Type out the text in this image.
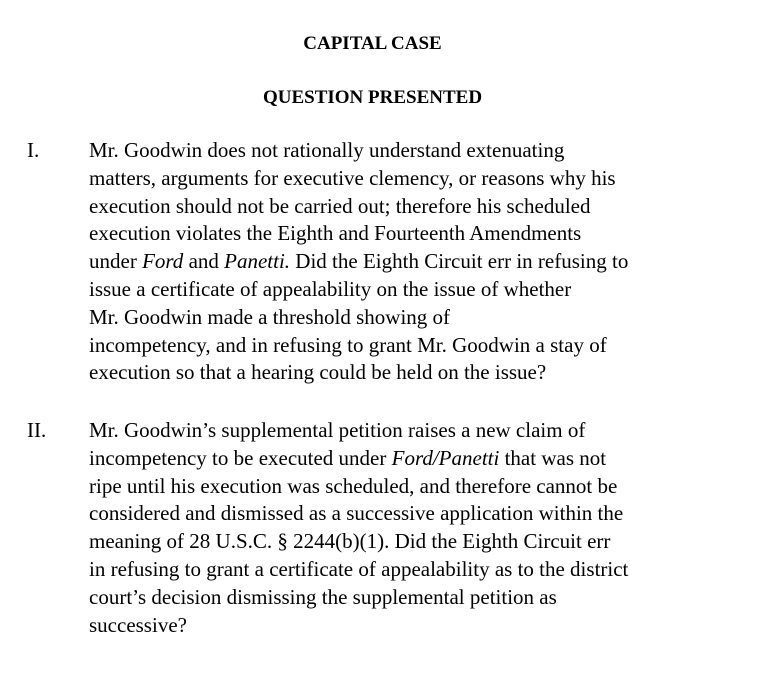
CAPITAL CASE
QUESTION PRESENTED
I. Mr. Goodwin does not rationally understand extenuating
matters, arguments for executive clemency, or reasons why his
execution should not be carried out; therefore his scheduled
execution violates the Eighth and Fourteenth Amendments
under Ford and Panetti. Did the Eighth Circuit err in refusing to
issue a certificate of appealability on the issue of whether
Mr. Goodwin made a threshold showing of
incompetency, and in refusing to grant Mr. Goodwin a stay of
execution so that a hearing could be held on the issue?
II. Mr. Goodwin’s supplemental petition raises a new claim of
incompetency to be executed under Ford/Panetti that was not
ripe until his execution was scheduled, and therefore cannot be
considered and dismissed as a successive application within the
meaning of 28 U.S.C. § 2244(b)(1). Did the Eighth Circuit err
in refusing to grant a certificate of appealability as to the district
court’s decision dismissing the supplemental petition as
successive?
